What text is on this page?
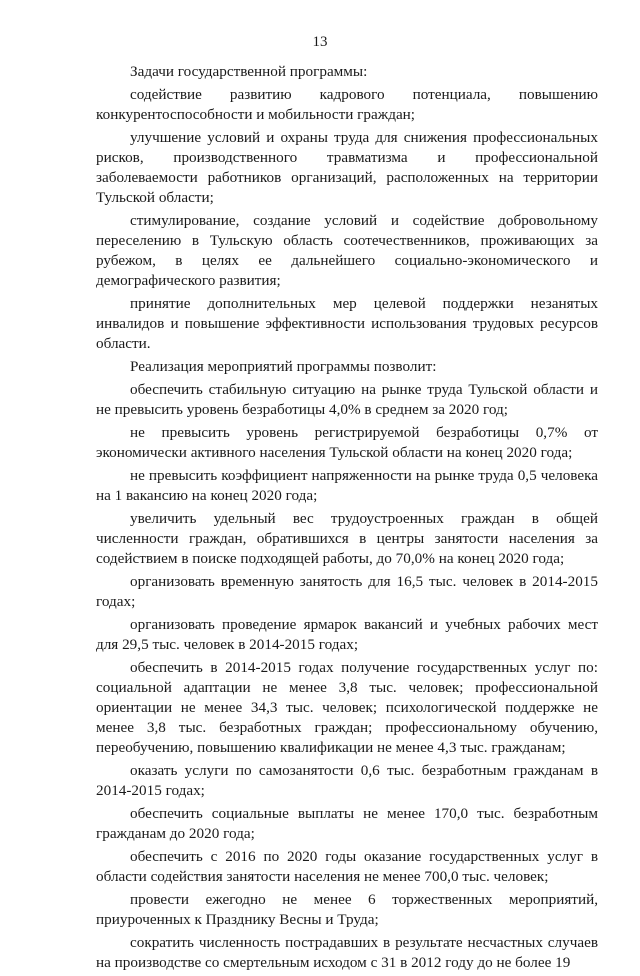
13

Задачи государственной программы:

содействие развитию кадрового потенциала, повышению конкурентоспособности и мобильности граждан;

улучшение условий и охраны труда для снижения профессиональных рисков, производственного травматизма и профессиональной заболеваемости работников организаций, расположенных на территории Тульской области;

стимулирование, создание условий и содействие добровольному переселению в Тульскую область соотечественников, проживающих за рубежом, в целях ее дальнейшего социально-экономического и демографического развития;

принятие дополнительных мер целевой поддержки незанятых инвалидов и повышение эффективности использования трудовых ресурсов области.

Реализация мероприятий программы позволит:

обеспечить стабильную ситуацию на рынке труда Тульской области и не превысить уровень безработицы 4,0% в среднем за 2020 год;

не превысить уровень регистрируемой безработицы 0,7% от экономически активного населения Тульской области на конец 2020 года;

не превысить коэффициент напряженности на рынке труда 0,5 человека на 1 вакансию на конец 2020 года;

увеличить удельный вес трудоустроенных граждан в общей численности граждан, обратившихся в центры занятости населения за содействием в поиске подходящей работы, до 70,0% на конец 2020 года;

организовать временную занятость для 16,5 тыс. человек в 2014-2015 годах;

организовать проведение ярмарок вакансий и учебных рабочих мест для 29,5 тыс. человек в 2014-2015 годах;

обеспечить в 2014-2015 годах получение государственных услуг по: социальной адаптации не менее 3,8 тыс. человек; профессиональной ориентации не менее 34,3 тыс. человек; психологической поддержке не менее 3,8 тыс. безработных граждан; профессиональному обучению, переобучению, повышению квалификации не менее 4,3 тыс. гражданам;

оказать услуги по самозанятости 0,6 тыс. безработным гражданам в 2014-2015 годах;

обеспечить социальные выплаты не менее 170,0 тыс. безработным гражданам до 2020 года;

обеспечить с 2016 по 2020 годы оказание государственных услуг в области содействия занятости населения не менее 700,0 тыс. человек;

провести ежегодно не менее 6 торжественных мероприятий, приуроченных к Празднику Весны и Труда;

сократить численность пострадавших в результате несчастных случаев на производстве со смертельным исходом с 31 в 2012 году до не более 19
